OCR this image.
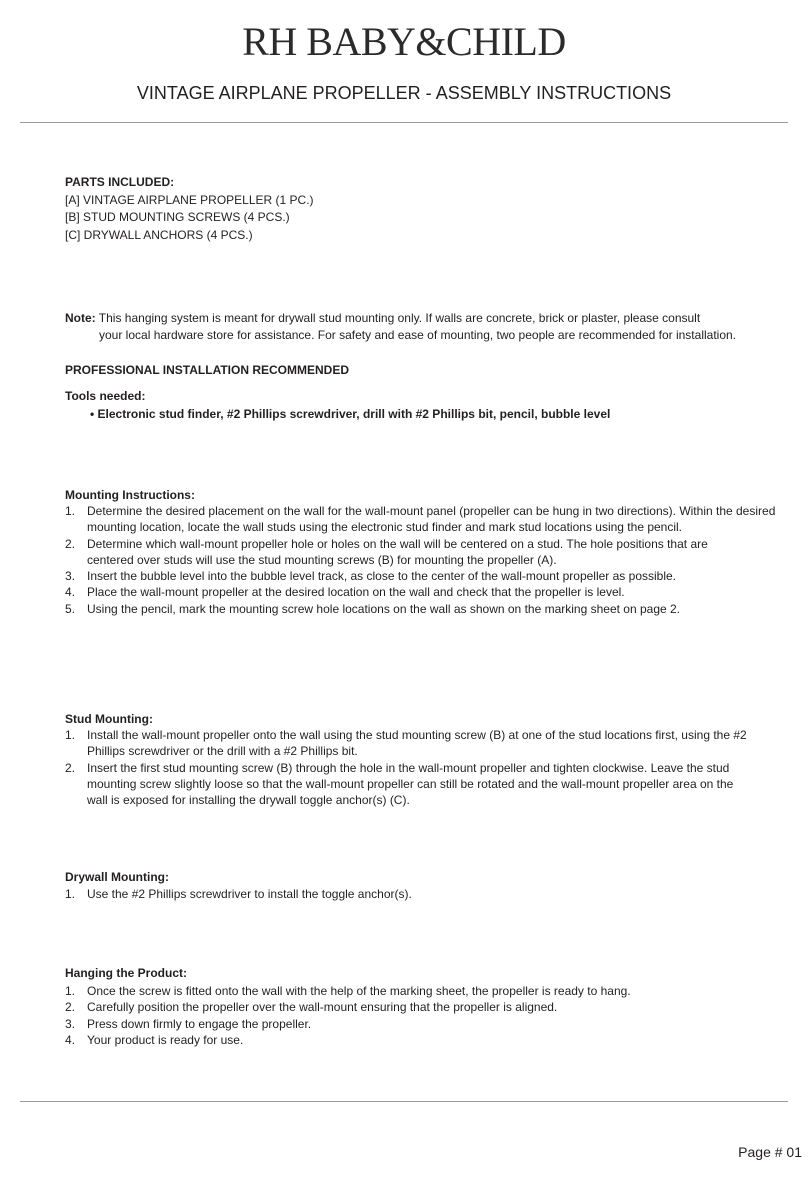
RH BABY&CHILD
VINTAGE AIRPLANE PROPELLER - ASSEMBLY INSTRUCTIONS
PARTS INCLUDED:
[A] VINTAGE AIRPLANE PROPELLER (1 PC.)
[B] STUD MOUNTING SCREWS (4 PCS.)
[C] DRYWALL ANCHORS (4 PCS.)
Note: This hanging system is meant for drywall stud mounting only. If walls are concrete, brick or plaster, please consult
your local hardware store for assistance. For safety and ease of mounting, two people are recommended for installation.
PROFESSIONAL INSTALLATION RECOMMENDED
Tools needed:
• Electronic stud finder, #2 Phillips screwdriver, drill with #2 Phillips bit, pencil, bubble level
Mounting Instructions:
1. Determine the desired placement on the wall for the wall-mount panel (propeller can be hung in two directions). Within the desired
mounting location, locate the wall studs using the electronic stud finder and mark stud locations using the pencil.
2. Determine which wall-mount propeller hole or holes on the wall will be centered on a stud. The hole positions that are
centered over studs will use the stud mounting screws (B) for mounting the propeller (A).
3. Insert the bubble level into the bubble level track, as close to the center of the wall-mount propeller as possible.
4. Place the wall-mount propeller at the desired location on the wall and check that the propeller is level.
5. Using the pencil, mark the mounting screw hole locations on the wall as shown on the marking sheet on page 2.
Stud Mounting:
1. Install the wall-mount propeller onto the wall using the stud mounting screw (B) at one of the stud locations first, using the #2
Phillips screwdriver or the drill with a #2 Phillips bit.
2. Insert the first stud mounting screw (B) through the hole in the wall-mount propeller and tighten clockwise. Leave the stud
mounting screw slightly loose so that the wall-mount propeller can still be rotated and the wall-mount propeller area on the
wall is exposed for installing the drywall toggle anchor(s) (C).
Drywall Mounting:
1. Use the #2 Phillips screwdriver to install the toggle anchor(s).
Hanging the Product:
1. Once the screw is fitted onto the wall with the help of the marking sheet, the propeller is ready to hang.
2. Carefully position the propeller over the wall-mount ensuring that the propeller is aligned.
3. Press down firmly to engage the propeller.
4. Your product is ready for use.
Page # 01
